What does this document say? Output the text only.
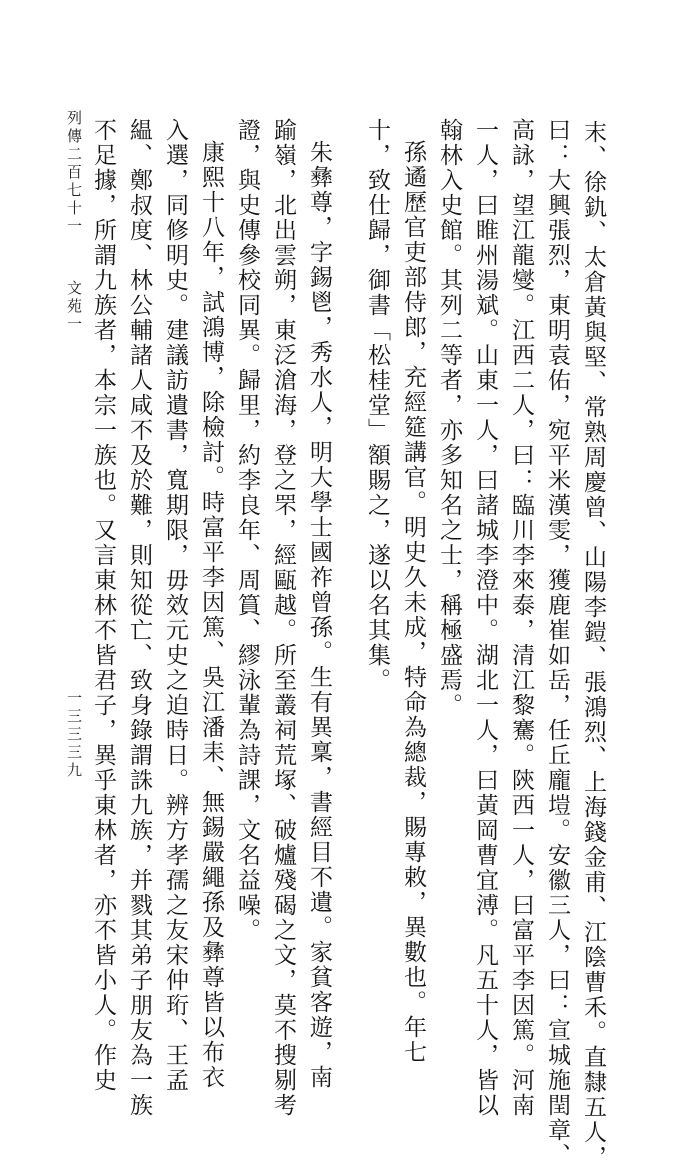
末、徐釚、太倉黃與堅、常熟周慶曾、山陽李鎧、張鴻烈、上海錢金甫、江陰曹禾。直隸五人，
曰：大興張烈，東明袁佑，宛平米漢雯，獲鹿崔如岳，任丘龐塏。安徽三人，曰：宣城施閏章、
高詠，望江龍燮。江西二人，曰：臨川李來泰，清江黎騫。陝西一人，曰富平李因篤。河南
一人，曰睢州湯斌。山東一人，曰諸城李澄中。湖北一人，曰黃岡曹宜溥。凡五十人，皆以
翰林入史館。其列二等者，亦多知名之士，稱極盛焉。
孫遹歷官吏部侍郎，充經筵講官。明史久未成，特命為總裁，賜專敕，異數也。年七
十，致仕歸，御書「松桂堂」額賜之，遂以名其集。
朱彝尊，字錫鬯，秀水人，明大學士國祚曾孫。生有異稟，書經目不遺。家貧客遊，南
踰嶺，北出雲朔，東泛滄海，登之罘，經甌越。所至叢祠荒塚、破爐殘碣之文，莫不搜剔考
證，與史傳參校同異。歸里，約李良年、周篔、繆泳輩為詩課，文名益噪。
康熙十八年，試鴻博，除檢討。時富平李因篤、吳江潘耒、無錫嚴繩孫及彝尊皆以布衣
入選，同修明史。建議訪遺書，寬期限，毋效元史之迫時日。辨方孝孺之友宋仲珩、王孟
緼、鄭叔度、林公輔諸人咸不及於難，則知從亡、致身錄謂誅九族，并戮其弟子朋友為一族
不足據，所謂九族者，本宗一族也。又言東林不皆君子，異乎東林者，亦不皆小人。作史
列傳二百七十一
文苑一
一三三三九
